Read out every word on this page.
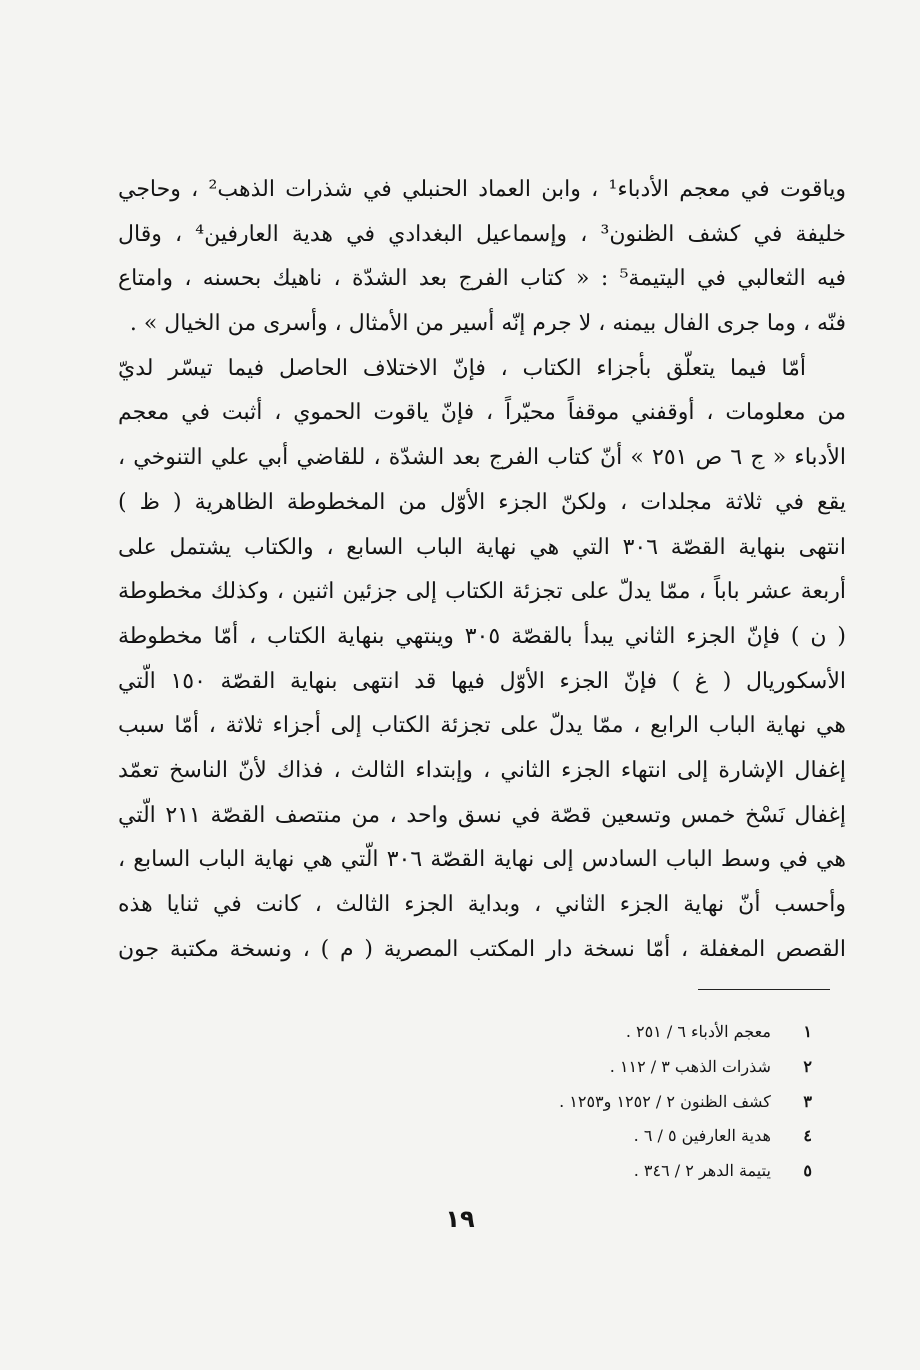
وياقوت في معجم الأدباء¹ ، وابن العماد الحنبلي في شذرات الذهب² ، وحاجي
خليفة في كشف الظنون³ ، وإسماعيل البغدادي في هدية العارفين⁴ ، وقال
فيه الثعالبي في اليتيمة⁵ : « كتاب الفرج بعد الشدّة ، ناهيك بحسنه ، وامتاع
فنّه ، وما جرى الفال بيمنه ، لا جرم إنّه أسير من الأمثال ، وأسرى من الخيال » .
أمّا فيما يتعلّق بأجزاء الكتاب ، فإنّ الاختلاف الحاصل فيما تيسّر لديّ
من معلومات ، أوقفني موقفاً محيّراً ، فإنّ ياقوت الحموي ، أثبت في معجم
الأدباء « ج ٦ ص ٢٥١ » أنّ كتاب الفرج بعد الشدّة ، للقاضي أبي علي التنوخي ،
يقع في ثلاثة مجلدات ، ولكنّ الجزء الأوّل من المخطوطة الظاهرية ( ظ )
انتهى بنهاية القصّة ٣٠٦ التي هي نهاية الباب السابع ، والكتاب يشتمل على
أربعة عشر باباً ، ممّا يدلّ على تجزئة الكتاب إلى جزئين اثنين ، وكذلك مخطوطة
( ن ) فإنّ الجزء الثاني يبدأ بالقصّة ٣٠٥ وينتهي بنهاية الكتاب ، أمّا مخطوطة
الأسكوريال ( غ ) فإنّ الجزء الأوّل فيها قد انتهى بنهاية القصّة ١٥٠ الّتي
هي نهاية الباب الرابع ، ممّا يدلّ على تجزئة الكتاب إلى أجزاء ثلاثة ، أمّا سبب
إغفال الإشارة إلى انتهاء الجزء الثاني ، وإبتداء الثالث ، فذاك لأنّ الناسخ تعمّد
إغفال نَسْخ خمس وتسعين قصّة في نسق واحد ، من منتصف القصّة ٢١١ الّتي
هي في وسط الباب السادس إلى نهاية القصّة ٣٠٦ الّتي هي نهاية الباب السابع ،
وأحسب أنّ نهاية الجزء الثاني ، وبداية الجزء الثالث ، كانت في ثنايا هذه
القصص المغفلة ، أمّا نسخة دار المكتب المصرية ( م ) ، ونسخة مكتبة جون
١ معجم الأدباء ٦ / ٢٥١ .
٢ شذرات الذهب ٣ / ١١٢ .
٣ كشف الظنون ٢ / ١٢٥٢ و١٢٥٣ .
٤ هدية العارفين ٥ / ٦ .
٥ يتيمة الدهر ٢ / ٣٤٦ .
١٩
